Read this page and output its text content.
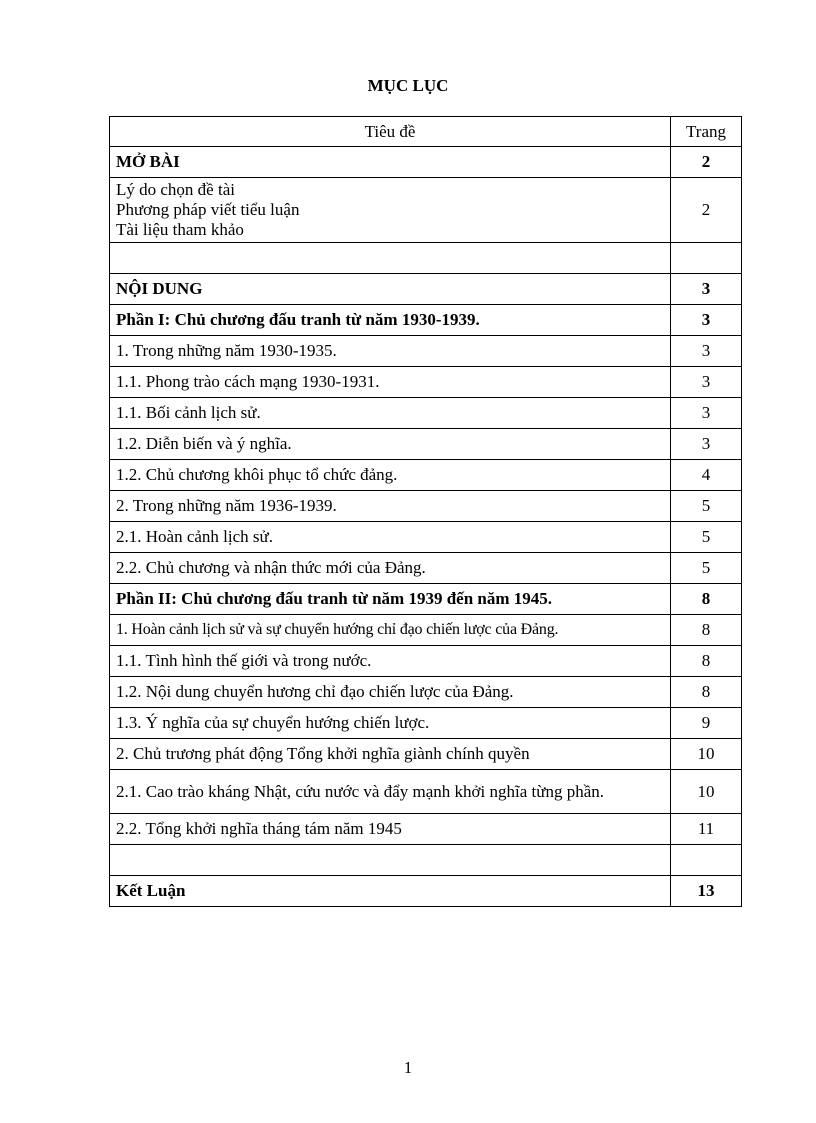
MỤC LỤC
Tiêu đề	Trang
MỞ BÀI	2

Lý do chọn đề tài
Phương pháp viết tiểu luận
Tài liệu tham khảo	2

NỘI DUNG	3
Phần I: Chủ chương đấu tranh từ năm 1930-1939.	3
1. Trong những năm 1930-1935.	3
1.1. Phong trào cách mạng 1930-1931.	3
1.1. Bối cảnh lịch sử.	3
1.2. Diễn biến và ý nghĩa.	3
1.2. Chủ chương khôi phục tổ chức đảng.	4
2. Trong những năm 1936-1939.	5
2.1. Hoàn cảnh lịch sử.	5
2.2. Chủ chương và nhận thức mới của Đảng.	5
Phần II: Chủ chương đấu tranh từ năm 1939 đến năm 1945.	8
1. Hoàn cảnh lịch sử và sự chuyển hướng chỉ đạo chiến lược của Đảng.	8
1.1. Tình hình thế giới và trong nước.	8
1.2. Nội dung chuyển hương chỉ đạo chiến lược của Đảng.	8
1.3. Ý nghĩa của sự chuyển hướng chiến lược.	9
2. Chủ trương phát động Tổng khởi nghĩa giành chính quyền	10
2.1. Cao trào kháng Nhật, cứu nước và đẩy mạnh khởi nghĩa từng phần.	10
2.2. Tổng khởi nghĩa tháng tám năm 1945	11

Kết Luận	13
1
